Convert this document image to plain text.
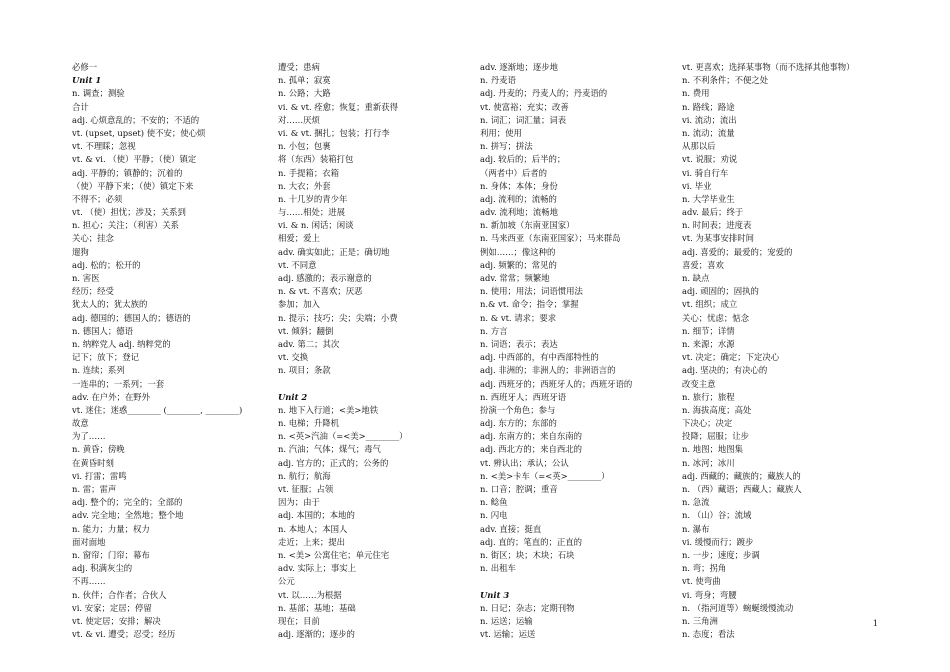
必修一
Unit 1
n. 调查；测验
合计
adj. 心烦意乱的；不安的；不适的
vt. (upset, upset) 使不安；使心烦
vt. 不理睬；忽视
vt. & vi. （使）平静；（使）镇定
adj. 平静的；镇静的；沉着的
（使）平静下来；（使）镇定下来
不得不；必须
vt. （使）担忧；涉及；关系到
n. 担心；关注；（利害）关系
关心；挂念
遛狗
adj. 松的；松开的
n. 害医
经历；经受
犹太人的；犹太族的
adj. 德国的；德国人的；德语的
n. 德国人；德语
n. 纳粹党人 adj. 纳粹党的
记下；放下；登记
n. 连续；系列
一连串的；一系列；一套
adv. 在户外；在野外
vt. 迷住；迷惑________ (________, ________)
故意
为了……
n. 黄昏；傍晚
在黄昏时刻
vi. 打雷；雷鸣
n. 雷；雷声
adj. 整个的；完全的；全部的
adv. 完全地；全然地；整个地
n. 能力；力量；权力
面对面地
n. 窗帘；门帘；幕布
adj. 积满灰尘的
不再……
n. 伙伴；合作者；合伙人
vi. 安家；定居；停留
vt. 使定居；安排；解决
vt. & vi. 遭受；忍受；经历
遭受；患病
n. 孤单；寂寞
n. 公路；大路
vi. & vt. 痊愈；恢复；重新获得
对……厌烦
vi. & vt. 捆扎；包装；打行李
n. 小包；包裹
将（东西）装箱打包
n. 手提箱；衣箱
n. 大衣；外套
n. 十几岁的青少年
与……相处；进展
vi. & n. 闲话；闲谈
相爱；爱上
adv. 确实如此；正是；确切地
vt. 不同意
adj. 感激的；表示谢意的
n. & vt. 不喜欢；厌恶
参加；加入
n. 提示；技巧；尖；尖端；小费
vt. 倾斜；翻倒
adv. 第二；其次
vt. 交换
n. 项目；条款
Unit 2
n. 地下入行道；<美>地铁
n. 电梯；升降机
n. <英>汽油（=<美>________）
n. 汽油；气体；煤气；毒气
adj. 官方的；正式的；公务的
n. 航行；航海
vt. 征服；占领
因为；由于
adj. 本国的；本地的
n. 本地人；本国人
走近；上来；提出
n. <美> 公寓住宅；单元住宅
adv. 实际上；事实上
公元
vt. 以……为根据
n. 基部；基地；基础
现在；目前
adj. 逐渐的；逐步的
adv. 逐渐地；逐步地
n. 丹麦语
adj. 丹麦的；丹麦人的；丹麦语的
vt. 使富裕；充实；改善
n. 词汇；词汇量；词表
利用；使用
n. 拼写；拼法
adj. 较后的；后半的；
（两者中）后者的
n. 身体；本体；身份
adj. 流利的；流畅的
adv. 流利地；流畅地
n. 新加坡（东南亚国家）
n. 马来西亚（东南亚国家）；马来群岛
例如……；像这种的
adj. 频繁的；常见的
adv. 常常；频繁地
n. 使用；用法；词语惯用法
n.& vt. 命令；指令；掌握
n. & vt. 请求；要求
n. 方言
n. 词语；表示；表达
adj. 中西部的，有中西部特性的
adj. 非洲的；非洲人的；非洲语言的
adj. 西班牙的；西班牙人的；西班牙语的
n. 西班牙人；西班牙语
扮演一个角色；参与
adj. 东方的；东部的
adj. 东南方的；来自东南的
adj. 西北方的；来自西北的
vt. 辨认出；承认；公认
n. <美>卡车（=<英>________）
n. 口音；腔调；重音
n. 鲶鱼
n. 闪电
adv. 直接；挺直
adj. 直的；笔直的；正直的
n. 街区；块；木块；石块
n. 出租车
Unit 3
n. 日记；杂志；定期刊物
n. 运送；运输
vt. 运输；运送
vt. 更喜欢；选择某事物（而不选择其他事物）
n. 不利条件；不便之处
n. 费用
n. 路线；路途
vi. 流动；流出
n. 流动；流量
从那以后
vt. 说服；劝说
vi. 骑自行车
vi. 毕业
n. 大学毕业生
adv. 最后；终于
n. 时间表；进度表
vt. 为某事安排时间
adj. 喜爱的；最爱的；宠爱的
喜爱；喜欢
n. 缺点
adj. 顽固的；固执的
vt. 组织；成立
关心；忧虑；惦念
n. 细节；详情
n. 来源；水源
vt. 决定；确定；下定决心
adj. 坚决的；有决心的
改变主意
n. 旅行；旅程
n. 海拔高度；高处
下决心；决定
投降；屈服；让步
n. 地图；地图集
n. 冰河；冰川
adj. 西藏的；藏族的；藏族人的
n. （西）藏语；西藏人；藏族人
n. 急流
n. （山）谷；流域
n. 瀑布
vi. 缓慢而行；踱步
n. 一步；速度；步调
n. 弯；拐角
vt. 使弯曲
vi. 弯身；弯腰
n. （指河道等）蜿蜒缓慢流动
n. 三角洲
n. 态度；看法
1
